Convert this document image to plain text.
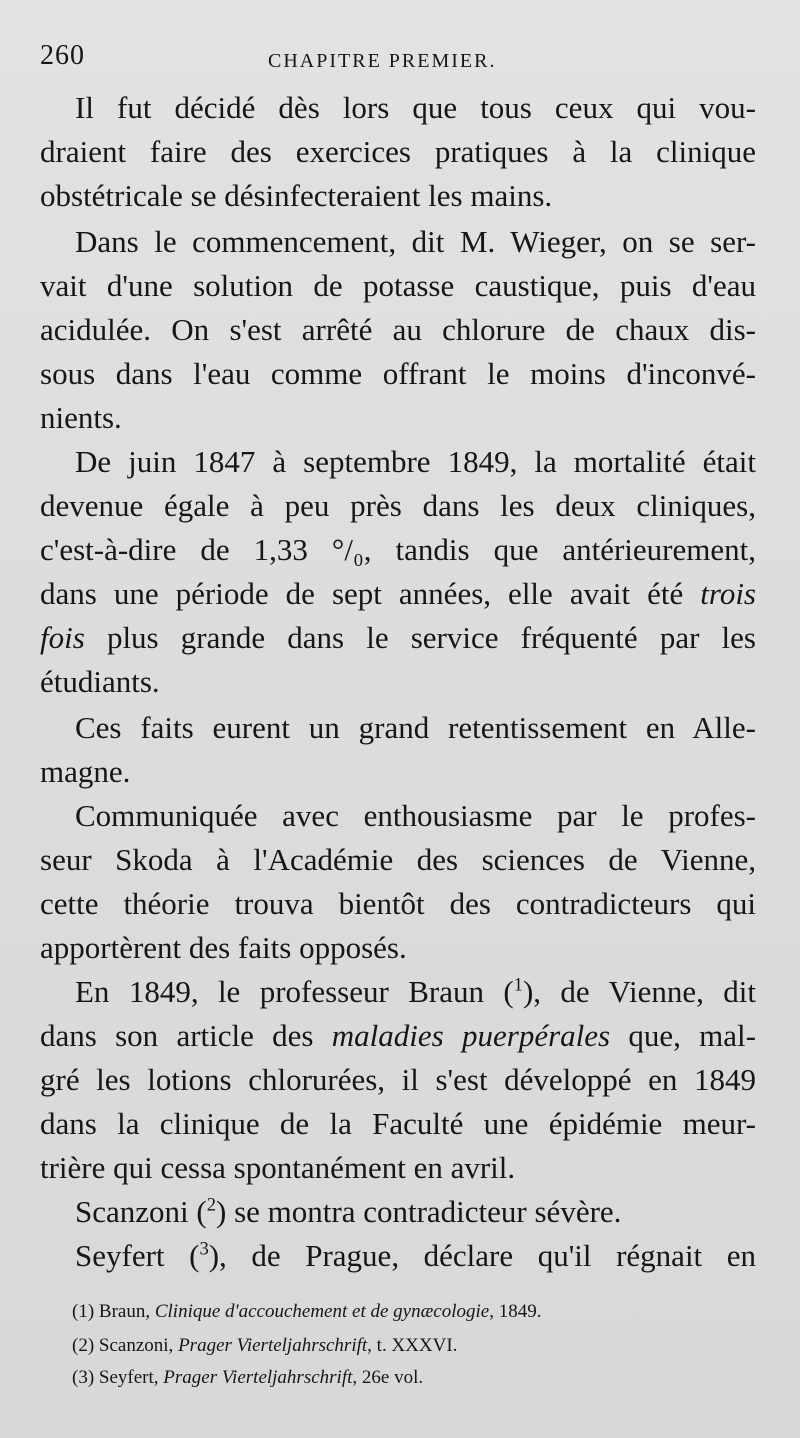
260	CHAPITRE PREMIER.
Il fut décidé dès lors que tous ceux qui vou-
draient faire des exercices pratiques à la clinique
obstétricale se désinfecteraient les mains.
Dans le commencement, dit M. Wieger, on se ser-
vait d'une solution de potasse caustique, puis d'eau
acidulée. On s'est arrêté au chlorure de chaux dis-
sous dans l'eau comme offrant le moins d'inconvé-
nients.
De juin 1847 à septembre 1849, la mortalité était
devenue égale à peu près dans les deux cliniques,
c'est-à-dire de 1,33 °/₀, tandis que antérieurement,
dans une période de sept années, elle avait été trois
fois plus grande dans le service fréquenté par les
étudiants.
Ces faits eurent un grand retentissement en Alle-
magne.
Communiquée avec enthousiasme par le profes-
seur Skoda à l'Académie des sciences de Vienne,
cette théorie trouva bientôt des contradicteurs qui
apportèrent des faits opposés.
En 1849, le professeur Braun ($^1$), de Vienne, dit
dans son article des maladies puerpérales que, mal-
gré les lotions chlorurées, il s'est développé en 1849
dans la clinique de la Faculté une épidémie meur-
trière qui cessa spontanément en avril.
Scanzoni ($^2$) se montra contradicteur sévère.
Seyfert ($^3$), de Prague, déclare qu'il régnait en
(1) Braun, Clinique d'accouchement et de gynæcologie, 1849.
(2) Scanzoni, Prager Vierteljahrschrift, t. XXXVI.
(3) Seyfert, Prager Vierteljahrschrift, 26e vol.
